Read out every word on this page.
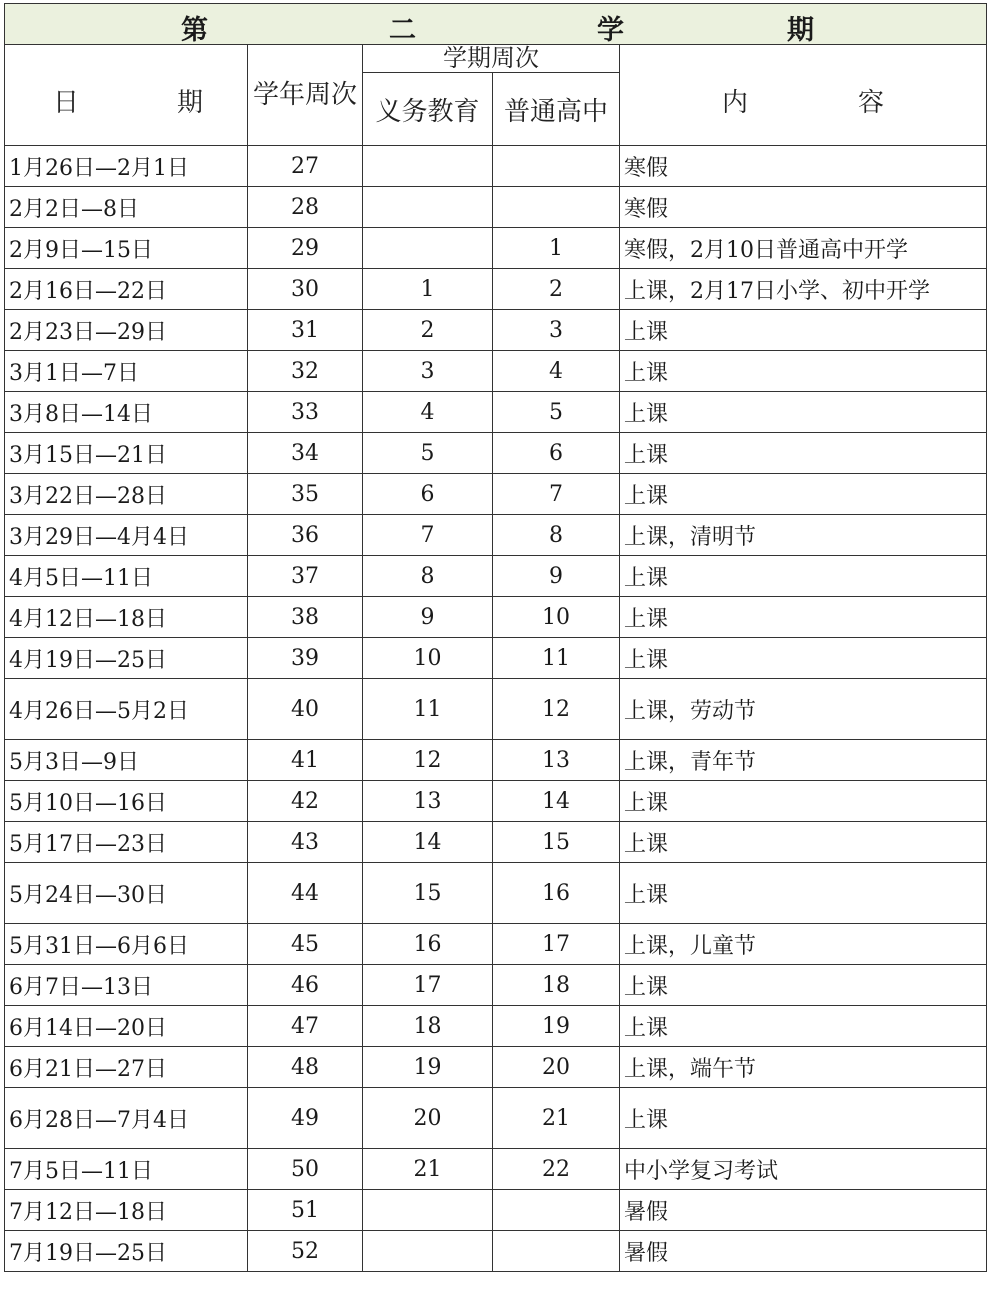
第 二 学 期				

日 期	学年周次	学期周次		内 容

		义务教育	普通高中	
1月26日—2月1日	27			寒假
2月2日—8日	28			寒假
2月9日—15日	29		1	寒假，2月10日普通高中开学
2月16日—22日	30	1	2	上课，2月17日小学、初中开学
2月23日—29日	31	2	3	上课
3月1日—7日	32	3	4	上课
3月8日—14日	33	4	5	上课
3月15日—21日	34	5	6	上课
3月22日—28日	35	6	7	上课
3月29日—4月4日	36	7	8	上课，清明节
4月5日—11日	37	8	9	上课
4月12日—18日	38	9	10	上课
4月19日—25日	39	10	11	上课
4月26日—5月2日	40	11	12	上课，劳动节
5月3日—9日	41	12	13	上课，青年节
5月10日—16日	42	13	14	上课
5月17日—23日	43	14	15	上课
5月24日—30日	44	15	16	上课
5月31日—6月6日	45	16	17	上课，儿童节
6月7日—13日	46	17	18	上课
6月14日—20日	47	18	19	上课
6月21日—27日	48	19	20	上课，端午节
6月28日—7月4日	49	20	21	上课
7月5日—11日	50	21	22	中小学复习考试
7月12日—18日	51			暑假
7月19日—25日	52			暑假
